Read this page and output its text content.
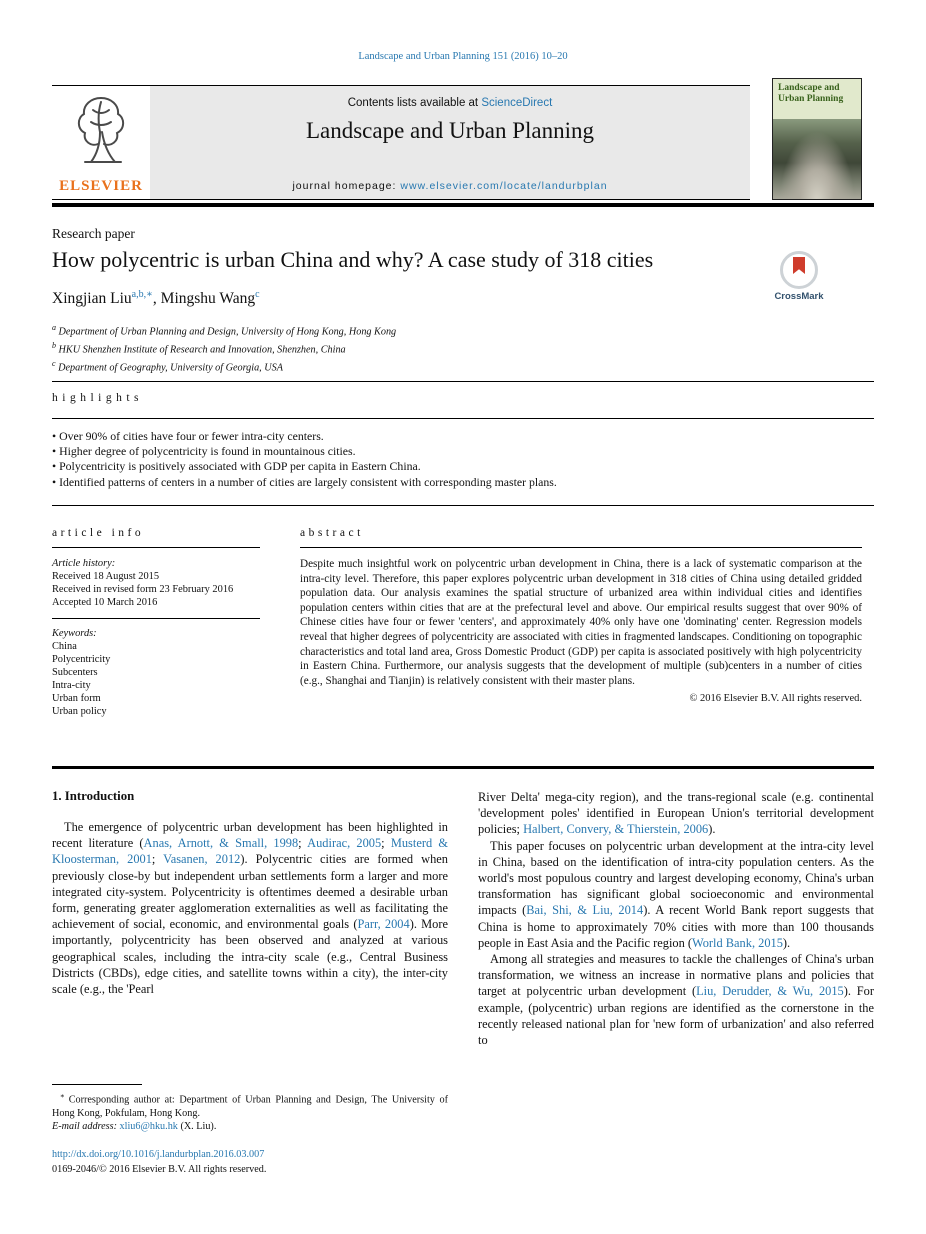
Landscape and Urban Planning 151 (2016) 10–20
ELSEVIER
Contents lists available at ScienceDirect
Landscape and Urban Planning
journal homepage: www.elsevier.com/locate/landurbplan
Landscape and Urban Planning
Research paper
How polycentric is urban China and why? A case study of 318 cities
CrossMark
Xingjian Liu$^{a,b,∗}$, Mingshu Wang$^c$
$^a$ Department of Urban Planning and Design, University of Hong Kong, Hong Kong
$^b$ HKU Shenzhen Institute of Research and Innovation, Shenzhen, China
$^c$ Department of Geography, University of Georgia, USA
highlights
• Over 90% of cities have four or fewer intra-city centers.
• Higher degree of polycentricity is found in mountainous cities.
• Polycentricity is positively associated with GDP per capita in Eastern China.
• Identified patterns of centers in a number of cities are largely consistent with corresponding master plans.
article info
Article history:
Received 18 August 2015
Received in revised form 23 February 2016
Accepted 10 March 2016
Keywords:
China
Polycentricity
Subcenters
Intra-city
Urban form
Urban policy
abstract
Despite much insightful work on polycentric urban development in China, there is a lack of systematic comparison at the intra-city level. Therefore, this paper explores polycentric urban development in 318 cities of China using detailed gridded population data. Our analysis examines the spatial structure of urbanized area within individual cities and identifies population centers within cities that are at the prefectural level and above. Our empirical results suggest that over 90% of Chinese cities have four or fewer 'centers', and approximately 40% only have one 'dominating' center. Regression models reveal that higher degrees of polycentricity are associated with cities in fragmented landscapes. Conditioning on topographic characteristics and total land area, Gross Domestic Product (GDP) per capita is associated positively with high polycentricity in Eastern China. Furthermore, our analysis suggests that the development of multiple (sub)centers in a number of cities (e.g., Shanghai and Tianjin) is relatively consistent with their master plans.
© 2016 Elsevier B.V. All rights reserved.
1. Introduction
The emergence of polycentric urban development has been highlighted in recent literature (Anas, Arnott, & Small, 1998; Audirac, 2005; Musterd & Kloosterman, 2001; Vasanen, 2012). Polycentric cities are formed when previously close-by but independent urban settlements form a larger and more integrated city-system. Polycentricity is oftentimes deemed a desirable urban form, generating greater agglomeration externalities as well as facilitating the achievement of social, economic, and environmental goals (Parr, 2004). More importantly, polycentricity has been observed and analyzed at various geographical scales, including the intra-city scale (e.g., Central Business Districts (CBDs), edge cities, and satellite towns within a city), the inter-city scale (e.g., the 'Pearl
River Delta' mega-city region), and the trans-regional scale (e.g. continental 'development poles' identified in European Union's territorial development policies; Halbert, Convery, & Thierstein, 2006).
This paper focuses on polycentric urban development at the intra-city level in China, based on the identification of intra-city population centers. As the world's most populous country and largest developing economy, China's urban transformation has significant global socioeconomic and environmental impacts (Bai, Shi, & Liu, 2014). A recent World Bank report suggests that China is home to approximately 70% cities with more than 100 thousands people in East Asia and the Pacific region (World Bank, 2015).
Among all strategies and measures to tackle the challenges of China's urban transformation, we witness an increase in normative plans and policies that target at polycentric urban development (Liu, Derudder, & Wu, 2015). For example, (polycentric) urban regions are identified as the cornerstone in the recently released national plan for 'new form of urbanization' and also referred to
∗ Corresponding author at: Department of Urban Planning and Design, The University of Hong Kong, Pokfulam, Hong Kong.
E-mail address: xliu6@hku.hk (X. Liu).
http://dx.doi.org/10.1016/j.landurbplan.2016.03.007
0169-2046/© 2016 Elsevier B.V. All rights reserved.
